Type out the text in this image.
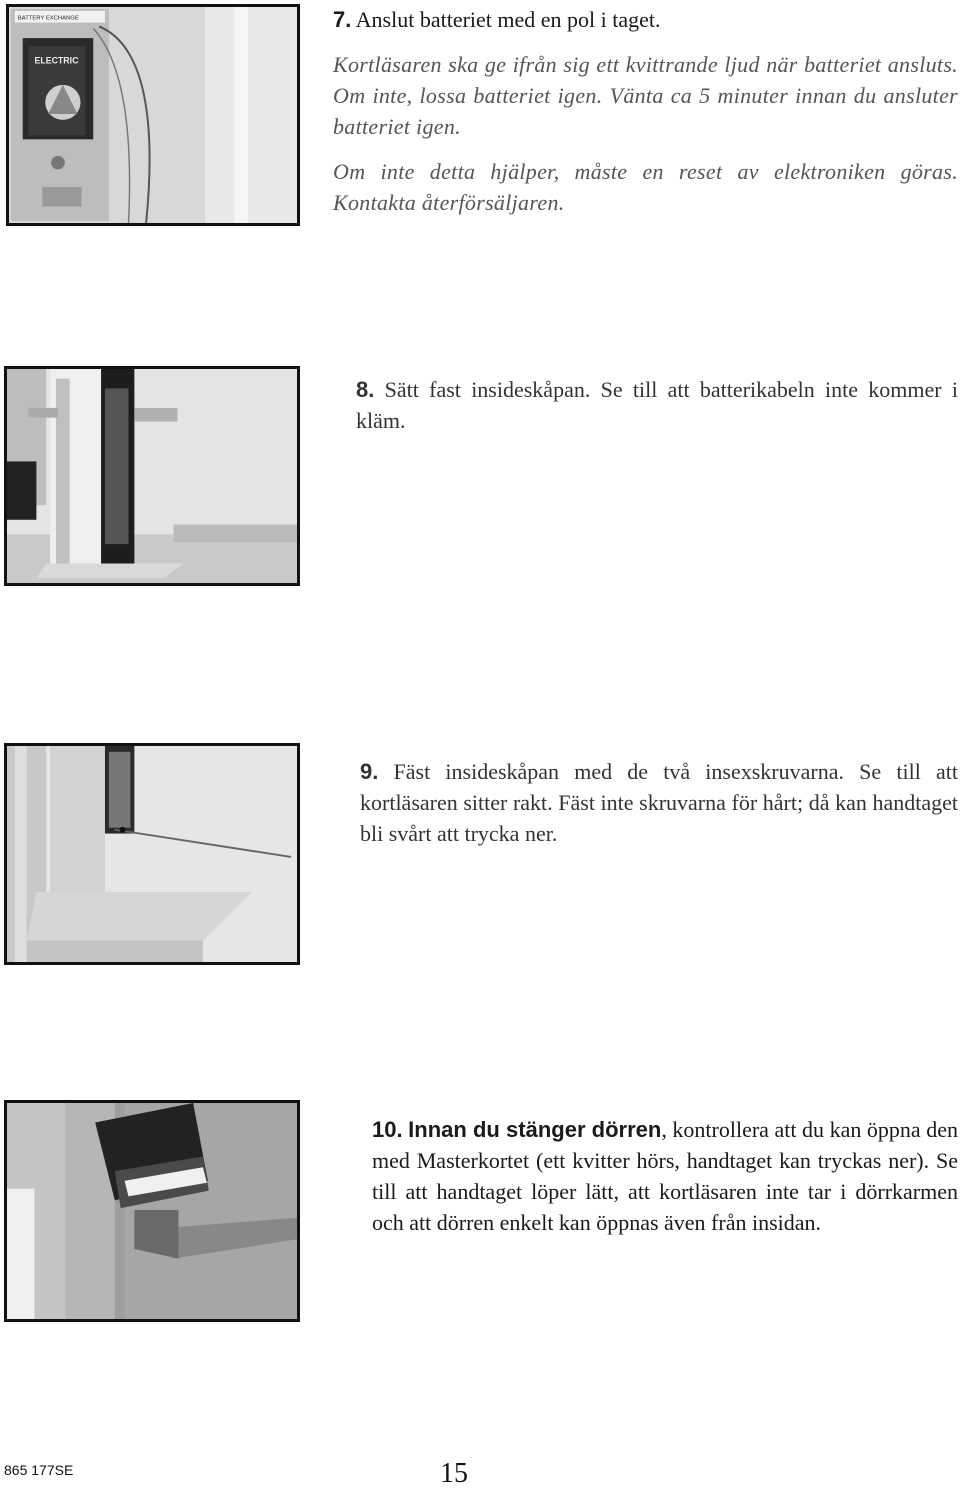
BATTERY EXCHANGE
ELECTRIC

7. Anslut batteriet med en pol i taget.

Kortläsaren ska ge ifrån sig ett kvittrande ljud när batteriet ansluts. Om inte, lossa batteriet igen. Vänta ca 5 minuter innan du ansluter batteriet igen.

Om inte detta hjälper, måste en reset av elektroniken göras. Kontakta återförsäljaren.

8. Sätt fast insideskåpan. Se till att batterikabeln inte kommer i kläm.

9. Fäst insideskåpan med de två insexskruvarna. Se till att kortläsaren sitter rakt. Fäst inte skruvarna för hårt; då kan handtaget bli svårt att trycka ner.

10. Innan du stänger dörren, kontrollera att du kan öppna den med Masterkortet (ett kvitter hörs, handtaget kan tryckas ner). Se till att handtaget löper lätt, att kortläsaren inte tar i dörrkarmen och att dörren enkelt kan öppnas även från insidan.

865 177SE	15
